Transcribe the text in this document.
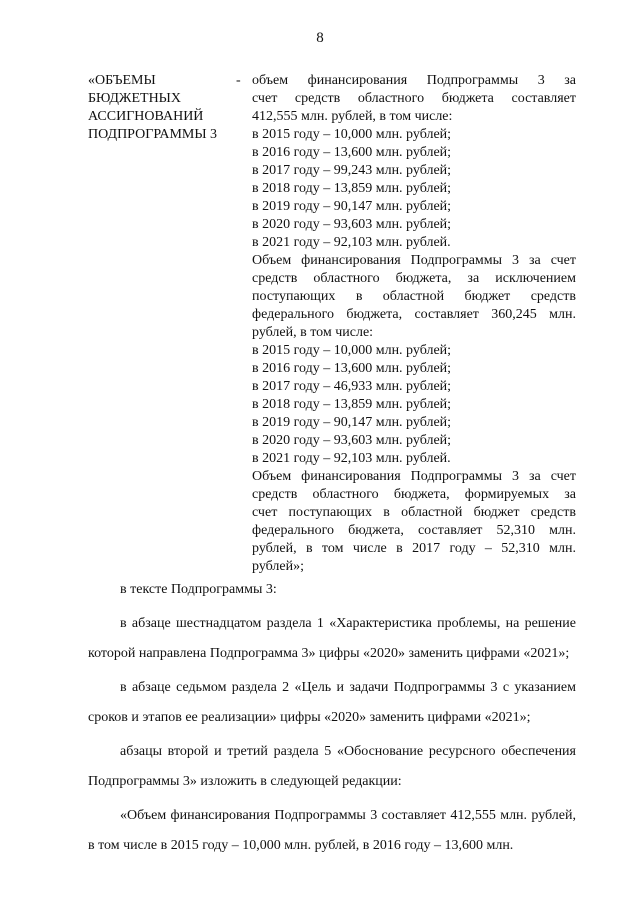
8
«ОБЪЕМЫ
БЮДЖЕТНЫХ
АССИГНОВАНИЙ
ПОДПРОГРАММЫ 3
- объем финансирования Подпрограммы 3 за
счет средств областного бюджета составляет
412,555 млн. рублей, в том числе:
в 2015 году – 10,000 млн. рублей;
в 2016 году – 13,600 млн. рублей;
в 2017 году – 99,243 млн. рублей;
в 2018 году – 13,859 млн. рублей;
в 2019 году – 90,147 млн. рублей;
в 2020 году – 93,603 млн. рублей;
в 2021 году – 92,103 млн. рублей.
Объем финансирования Подпрограммы 3 за счет
средств областного бюджета, за исключением
поступающих в областной бюджет средств
федерального бюджета, составляет 360,245 млн.
рублей, в том числе:
в 2015 году – 10,000 млн. рублей;
в 2016 году – 13,600 млн. рублей;
в 2017 году – 46,933 млн. рублей;
в 2018 году – 13,859 млн. рублей;
в 2019 году – 90,147 млн. рублей;
в 2020 году – 93,603 млн. рублей;
в 2021 году – 92,103 млн. рублей.
Объем финансирования Подпрограммы 3 за счет
средств областного бюджета, формируемых за
счет поступающих в областной бюджет средств
федерального бюджета, составляет 52,310 млн.
рублей, в том числе в 2017 году – 52,310 млн.
рублей»;

в тексте Подпрограммы 3:

в абзаце шестнадцатом раздела 1 «Характеристика проблемы, на решение которой направлена Подпрограмма 3» цифры «2020» заменить цифрами «2021»;

в абзаце седьмом раздела 2 «Цель и задачи Подпрограммы 3 с указанием сроков и этапов ее реализации» цифры «2020» заменить цифрами «2021»;

абзацы второй и третий раздела 5 «Обоснование ресурсного обеспечения Подпрограммы 3» изложить в следующей редакции:

«Объем финансирования Подпрограммы 3 составляет 412,555 млн. рублей, в том числе в 2015 году – 10,000 млн. рублей, в 2016 году – 13,600 млн.
